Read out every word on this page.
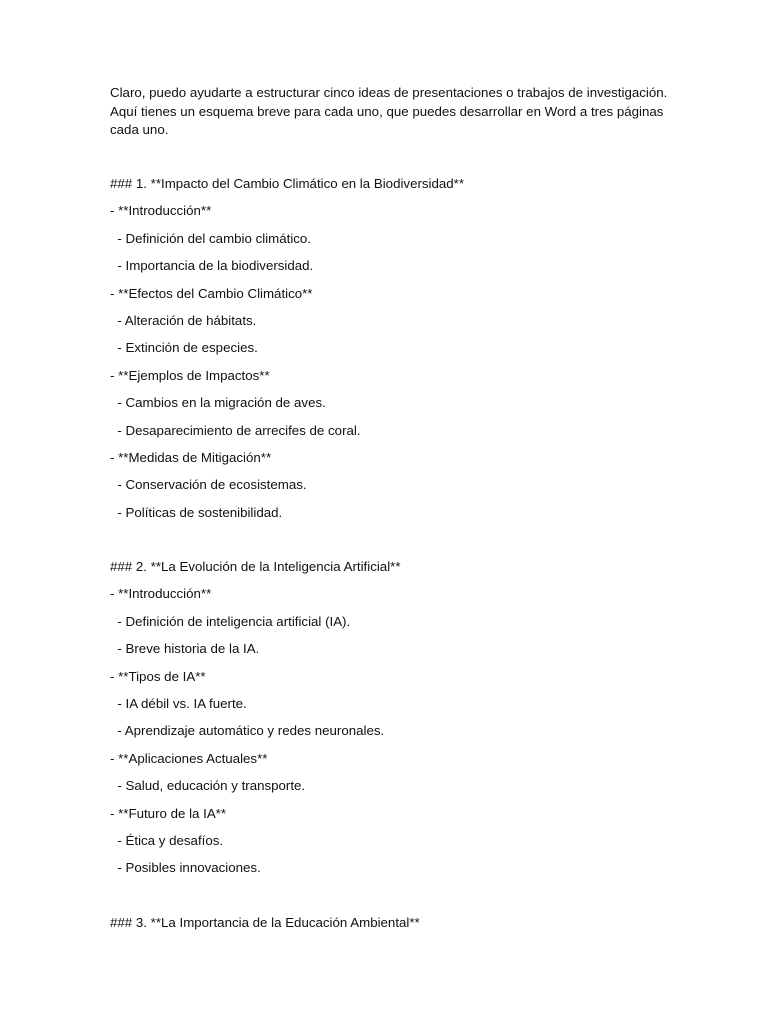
Claro, puedo ayudarte a estructurar cinco ideas de presentaciones o trabajos de investigación.
Aquí tienes un esquema breve para cada uno, que puedes desarrollar en Word a tres páginas
cada uno.

### 1. **Impacto del Cambio Climático en la Biodiversidad**

- **Introducción**

- Definición del cambio climático.

- Importancia de la biodiversidad.

- **Efectos del Cambio Climático**

- Alteración de hábitats.

- Extinción de especies.

- **Ejemplos de Impactos**

- Cambios en la migración de aves.

- Desaparecimiento de arrecifes de coral.

- **Medidas de Mitigación**

- Conservación de ecosistemas.

- Políticas de sostenibilidad.

### 2. **La Evolución de la Inteligencia Artificial**

- **Introducción**

- Definición de inteligencia artificial (IA).

- Breve historia de la IA.

- **Tipos de IA**

- IA débil vs. IA fuerte.

- Aprendizaje automático y redes neuronales.

- **Aplicaciones Actuales**

- Salud, educación y transporte.

- **Futuro de la IA**

- Ética y desafíos.

- Posibles innovaciones.

### 3. **La Importancia de la Educación Ambiental**
